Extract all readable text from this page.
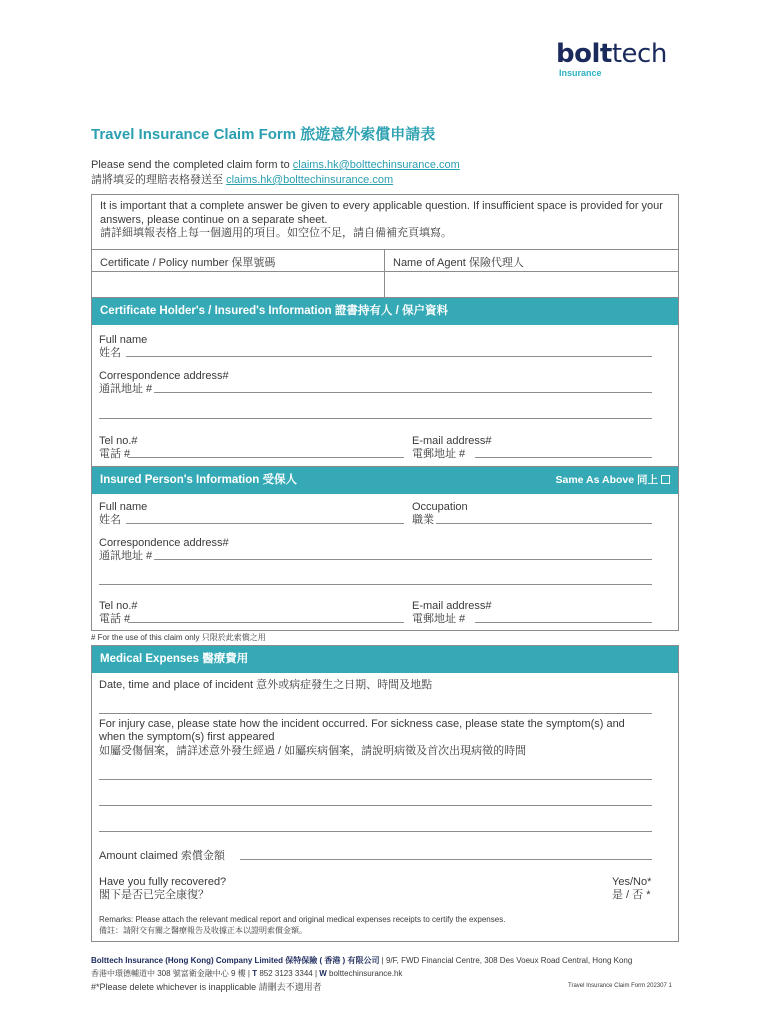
bolttech
Insurance
Travel Insurance Claim Form 旅遊意外索償申請表
Please send the completed claim form to claims.hk@bolttechinsurance.com
請將填妥的理賠表格發送至 claims.hk@bolttechinsurance.com
It is important that a complete answer be given to every applicable question. If insufficient space is provided for your answers, please continue on a separate sheet.
請詳細填報表格上每一個適用的項目。如空位不足，請自備補充頁填寫。
Certificate / Policy number 保單號碼	Name of Agent 保險代理人
Certificate Holder's / Insured's Information 證書持有人 / 保户資料
Full name
姓名
Correspondence address#
通訊地址 #
Tel no.#
電話 #
E-mail address#
電郵地址 #
Insured Person's Information 受保人	Same As Above 同上
Full name
姓名
Occupation
職業
Correspondence address#
通訊地址 #
Tel no.#
電話 #
E-mail address#
電郵地址 #
# For the use of this claim only 只限於此索償之用
Medical Expenses 醫療費用
Date, time and place of incident 意外或病症發生之日期、時間及地點
For injury case, please state how the incident occurred. For sickness case, please state the symptom(s) and
when the symptom(s) first appeared
如屬受傷個案，請詳述意外發生經過 / 如屬疾病個案，請說明病徵及首次出現病徵的時間
Amount claimed 索償金額
Have you fully recovered?
閣下是否已完全康復？
Yes/No*
是 / 否 *
Remarks: Please attach the relevant medical report and original medical expenses receipts to certify the expenses.
備註：請附交有關之醫療報告及收據正本以證明索償金額。
Bolttech Insurance (Hong Kong) Company Limited 保特保險 ( 香港 ) 有限公司 | 9/F, FWD Financial Centre, 308 Des Voeux Road Central, Hong Kong
香港中環德輔道中 308 號富衛金融中心 9 樓 | T 852 3123 3344 | W bolttechinsurance.hk
#*Please delete whichever is inapplicable 請刪去不適用者	Travel Insurance Claim Form 202307 1
